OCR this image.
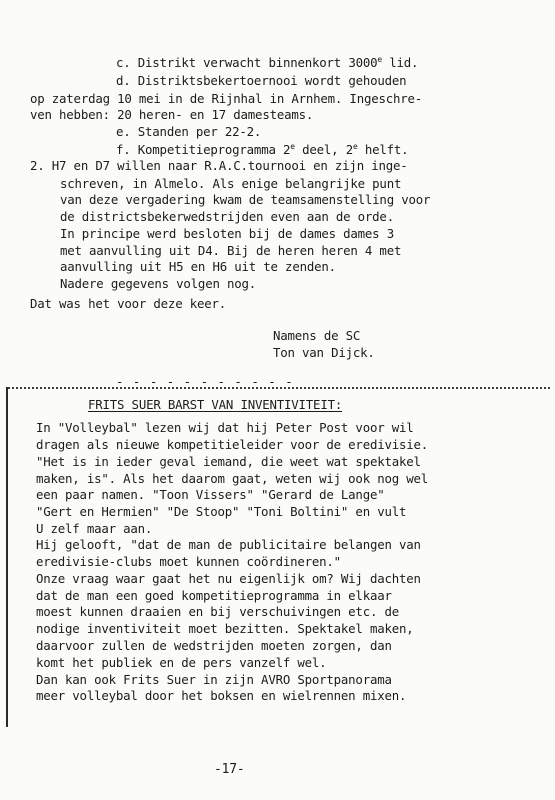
c. Distrikt verwacht binnenkort 3000e lid.
d. Distriktsbekertoernooi wordt gehouden
op zaterdag 10 mei in de Rijnhal in Arnhem. Ingeschre-
ven hebben: 20 heren- en 17 damesteams.
e. Standen per 22-2.
f. Kompetitieprogramma 2e deel, 2e helft.
2. H7 en D7 willen naar R.A.C.tournooi en zijn inge-
schreven, in Almelo. Als enige belangrijke punt
van deze vergadering kwam de teamsamenstelling voor
de districtsbekerwedstrijden even aan de orde.
In principe werd besloten bij de dames dames 3
met aanvulling uit D4. Bij de heren heren 4 met
aanvulling uit H5 en H6 uit te zenden.
Nadere gegevens volgen nog.
Dat was het voor deze keer.
Namens de SC
Ton van Dijck.
- - - - - - - - - - -
FRITS SUER BARST VAN INVENTIVITEIT:
In "Volleybal" lezen wij dat hij Peter Post voor wil
dragen als nieuwe kompetitieleider voor de eredivisie.
"Het is in ieder geval iemand, die weet wat spektakel
maken, is". Als het daarom gaat, weten wij ook nog wel
een paar namen. "Toon Vissers" "Gerard de Lange"
"Gert en Hermien" "De Stoop" "Toni Boltini" en vult
U zelf maar aan.
Hij gelooft, "dat de man de publicitaire belangen van
eredivisie-clubs moet kunnen coördineren."
Onze vraag waar gaat het nu eigenlijk om? Wij dachten
dat de man een goed kompetitieprogramma in elkaar
moest kunnen draaien en bij verschuivingen etc. de
nodige inventiviteit moet bezitten. Spektakel maken,
daarvoor zullen de wedstrijden moeten zorgen, dan
komt het publiek en de pers vanzelf wel.
Dan kan ook Frits Suer in zijn AVRO Sportpanorama
meer volleybal door het boksen en wielrennen mixen.
-17-
